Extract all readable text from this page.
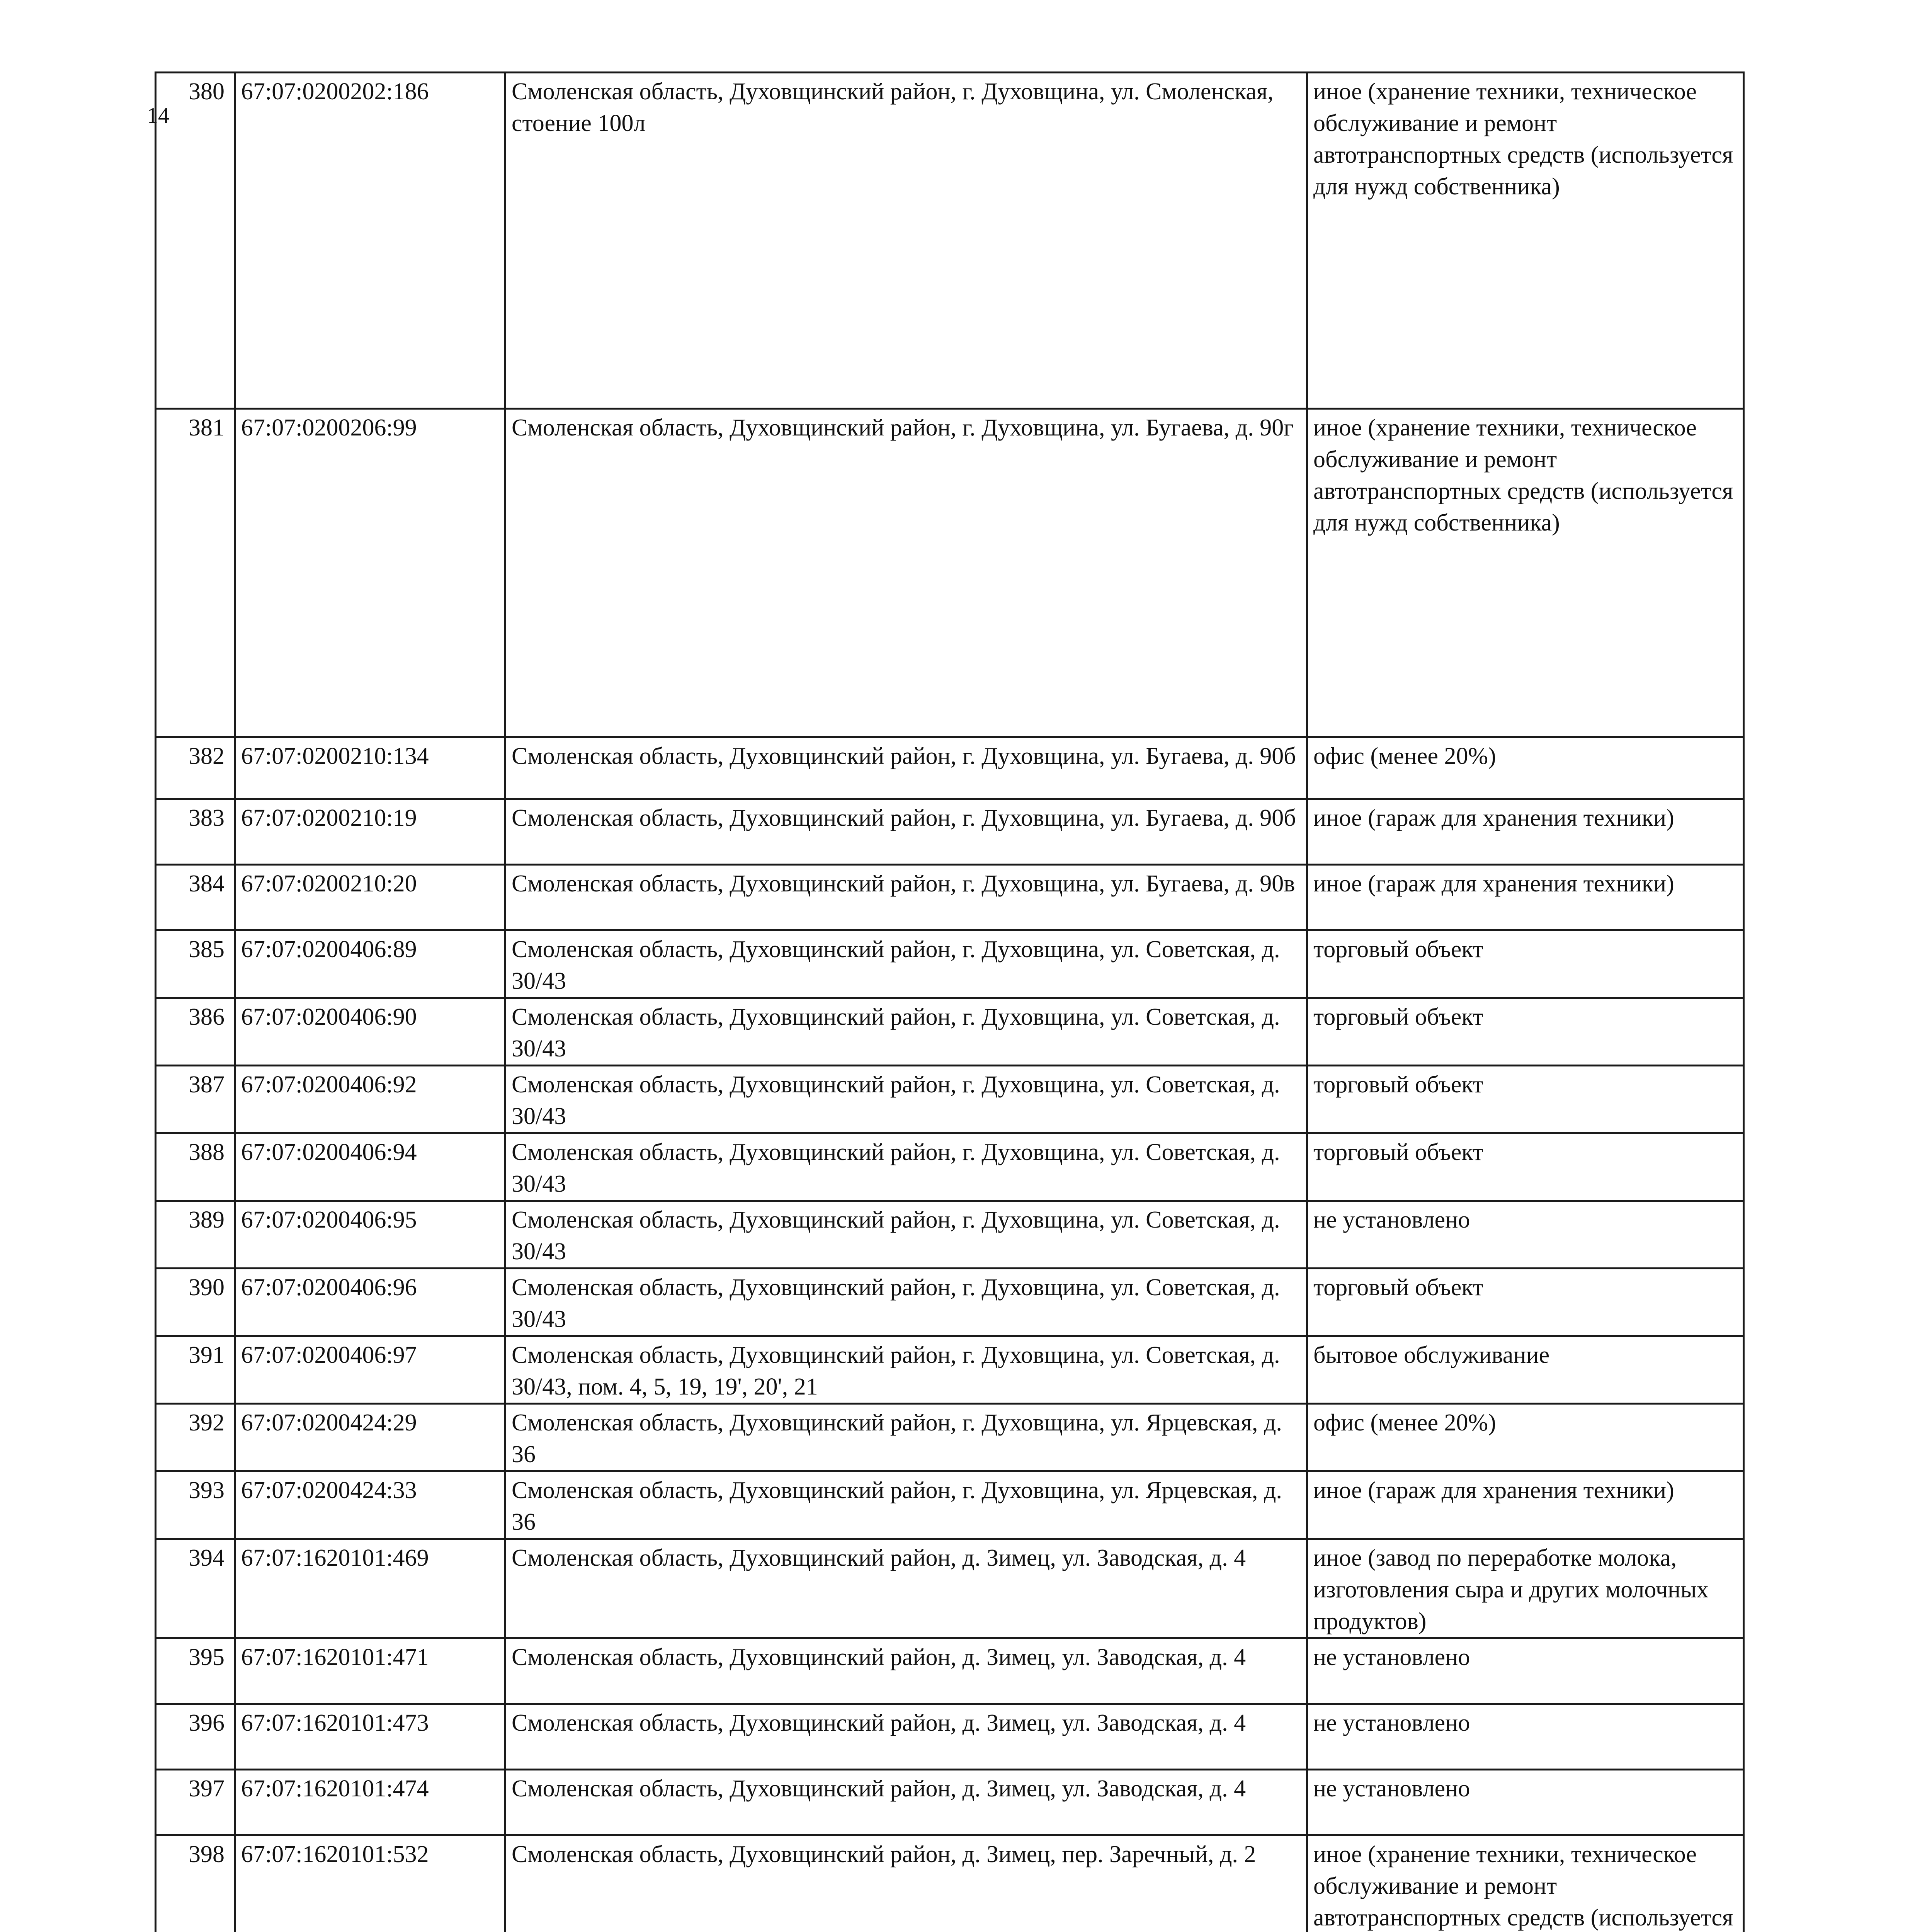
14
380	67:07:0200202:186	Смоленская область, Духовщинский район, г. Духовщина, ул. Смоленская, стоение 100л	иное (хранение техники, техническое обслуживание и ремонт автотранспортных средств (используется для нужд собственника)
381	67:07:0200206:99	Смоленская область, Духовщинский район, г. Духовщина, ул. Бугаева, д. 90г	иное (хранение техники, техническое обслуживание и ремонт автотранспортных средств (используется для нужд собственника)
382	67:07:0200210:134	Смоленская область, Духовщинский район, г. Духовщина, ул. Бугаева, д. 90б	офис (менее 20%)
383	67:07:0200210:19	Смоленская область, Духовщинский район, г. Духовщина, ул. Бугаева, д. 90б	иное (гараж для хранения техники)
384	67:07:0200210:20	Смоленская область, Духовщинский район, г. Духовщина, ул. Бугаева, д. 90в	иное (гараж для хранения техники)
385	67:07:0200406:89	Смоленская область, Духовщинский район, г. Духовщина, ул. Советская, д. 30/43	торговый объект
386	67:07:0200406:90	Смоленская область, Духовщинский район, г. Духовщина, ул. Советская, д. 30/43	торговый объект
387	67:07:0200406:92	Смоленская область, Духовщинский район, г. Духовщина, ул. Советская, д. 30/43	торговый объект
388	67:07:0200406:94	Смоленская область, Духовщинский район, г. Духовщина, ул. Советская, д. 30/43	торговый объект
389	67:07:0200406:95	Смоленская область, Духовщинский район, г. Духовщина, ул. Советская, д. 30/43	не установлено
390	67:07:0200406:96	Смоленская область, Духовщинский район, г. Духовщина, ул. Советская, д. 30/43	торговый объект
391	67:07:0200406:97	Смоленская область, Духовщинский район, г. Духовщина, ул. Советская, д. 30/43, пом. 4, 5, 19, 19', 20', 21	бытовое обслуживание
392	67:07:0200424:29	Смоленская область, Духовщинский район, г. Духовщина, ул. Ярцевская, д. 36	офис (менее 20%)
393	67:07:0200424:33	Смоленская область, Духовщинский район, г. Духовщина, ул. Ярцевская, д. 36	иное (гараж для хранения техники)
394	67:07:1620101:469	Смоленская область, Духовщинский район, д. Зимец, ул. Заводская, д. 4	иное (завод по переработке молока, изготовления сыра и других молочных продуктов)
395	67:07:1620101:471	Смоленская область, Духовщинский район, д. Зимец, ул. Заводская, д. 4	не установлено
396	67:07:1620101:473	Смоленская область, Духовщинский район, д. Зимец, ул. Заводская, д. 4	не установлено
397	67:07:1620101:474	Смоленская область, Духовщинский район, д. Зимец, ул. Заводская, д. 4	не установлено
398	67:07:1620101:532	Смоленская область, Духовщинский район, д. Зимец, пер. Заречный, д. 2	иное (хранение техники, техническое обслуживание и ремонт автотранспортных средств (используется
